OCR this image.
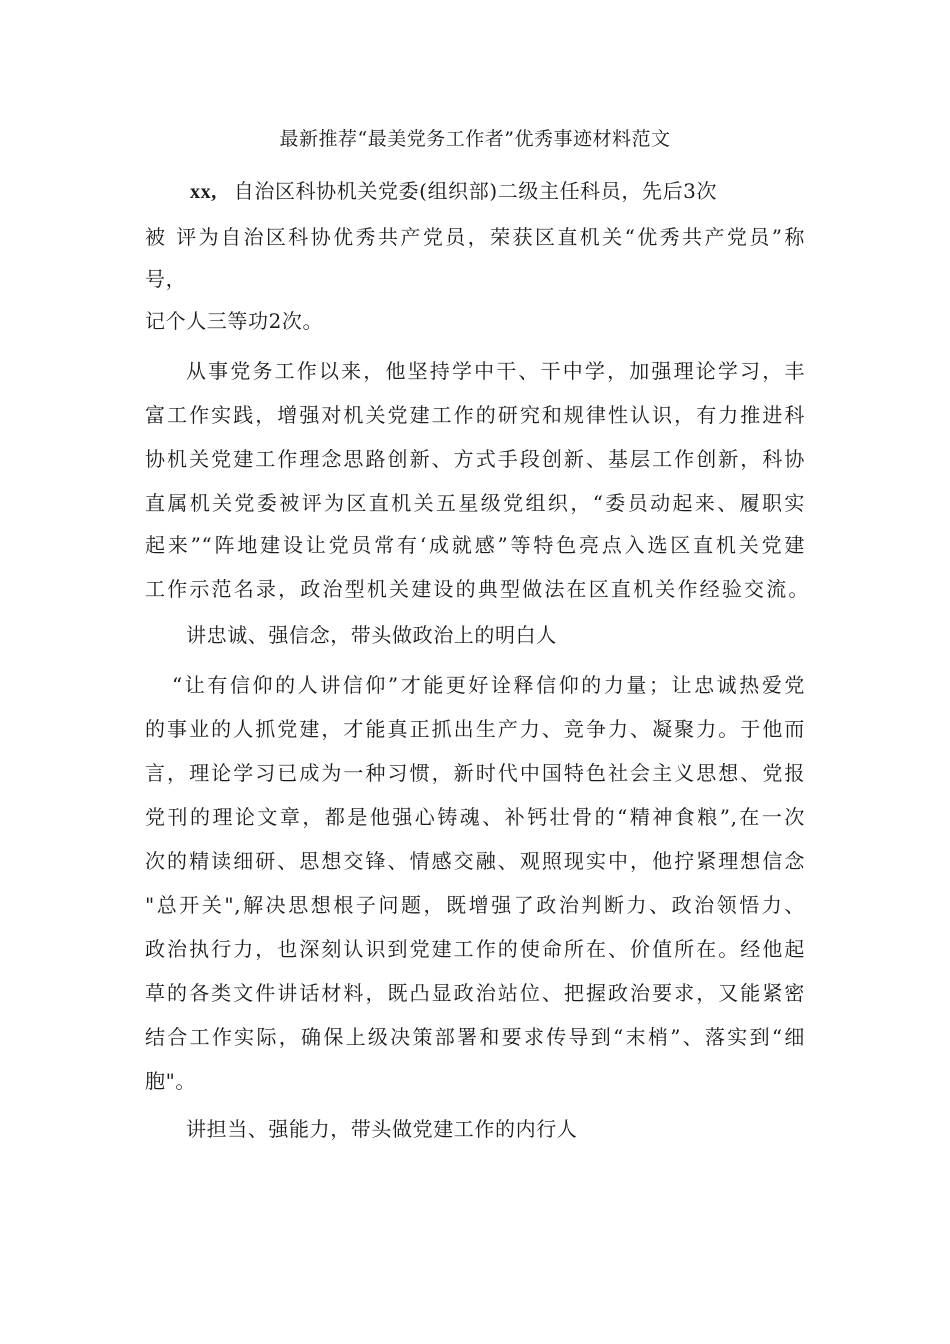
最新推荐“最美党务工作者”优秀事迹材料范文
xx, 自治区科协机关党委(组织部)二级主任科员，先后3次
被 评为自治区科协优秀共产党员，荣获区直机关“优秀共产党员”称
号，
记个人三等功2次。
从事党务工作以来，他坚持学中干、干中学，加强理论学习，丰
富工作实践，增强对机关党建工作的研究和规律性认识，有力推进科
协机关党建工作理念思路创新、方式手段创新、基层工作创新，科协
直属机关党委被评为区直机关五星级党组织，“委员动起来、履职实
起来”“阵地建设让党员常有‘成就感”等特色亮点入选区直机关党建
工作示范名录，政治型机关建设的典型做法在区直机关作经验交流。
讲忠诚、强信念，带头做政治上的明白人
“让有信仰的人讲信仰”才能更好诠释信仰的力量；让忠诚热爱党
的事业的人抓党建，才能真正抓出生产力、竞争力、凝聚力。于他而
言，理论学习已成为一种习惯，新时代中国特色社会主义思想、党报
党刊的理论文章，都是他强心铸魂、补钙壮骨的“精神食粮”,在一次
次的精读细研、思想交锋、情感交融、观照现实中，他拧紧理想信念
"总开关",解决思想根子问题，既增强了政治判断力、政治领悟力、
政治执行力，也深刻认识到党建工作的使命所在、价值所在。经他起
草的各类文件讲话材料，既凸显政治站位、把握政治要求，又能紧密
结合工作实际，确保上级决策部署和要求传导到“末梢”、落实到“细
胞"。
讲担当、强能力，带头做党建工作的内行人
